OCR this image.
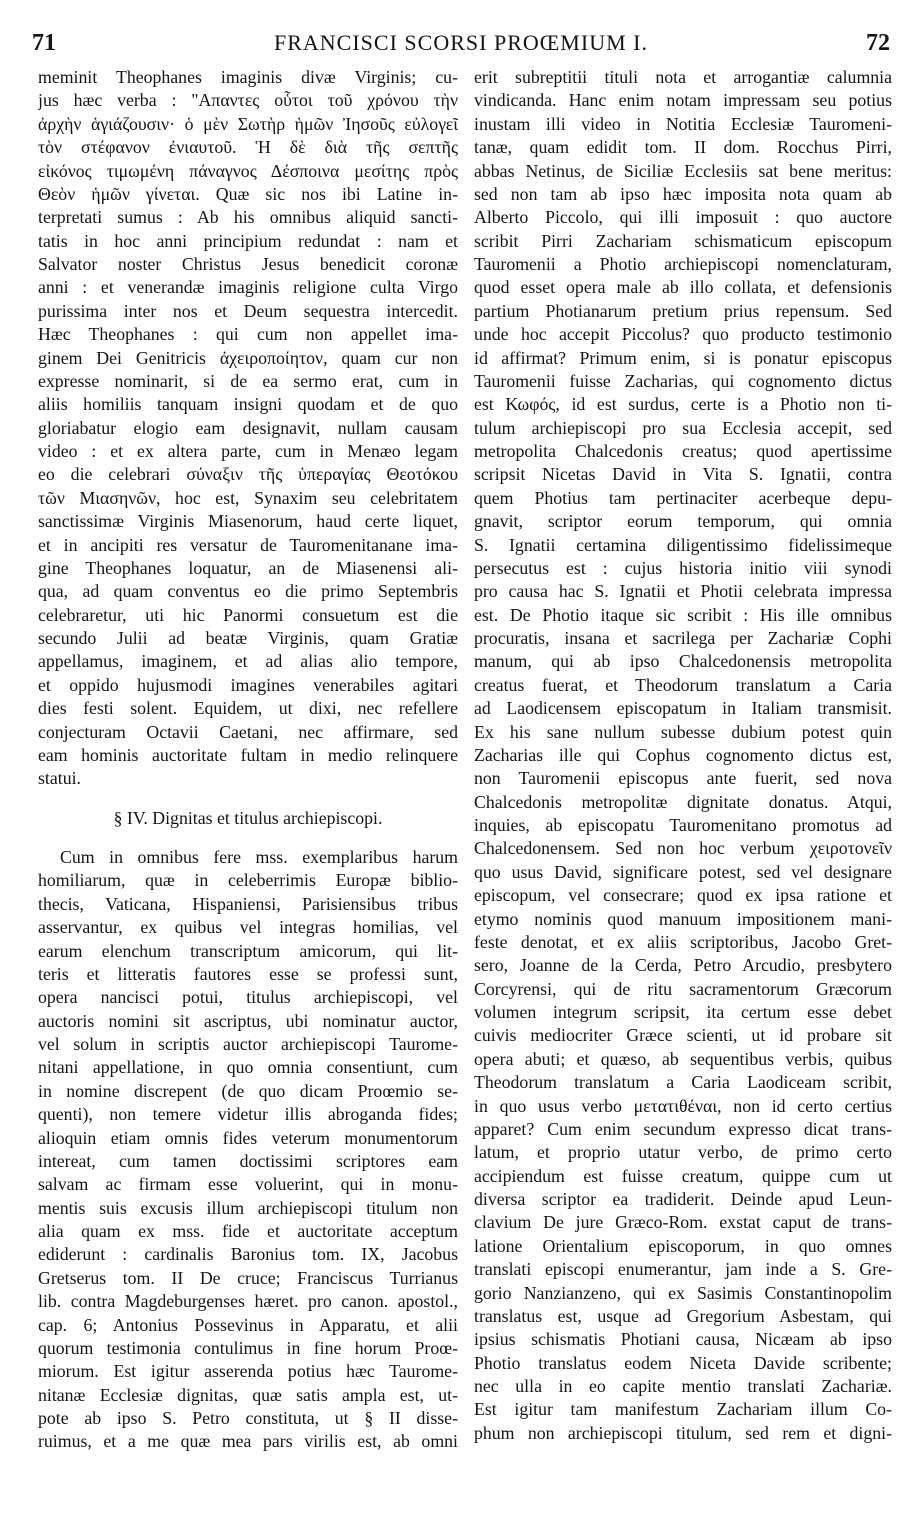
71	FRANCISCI SCORSI PROŒMIUM I.	72
meminit Theophanes imaginis divæ Virginis; cu-
jus hæc verba : "Απαντες οὗτοι τοῦ χρόνου τὴν
ἀρχὴν ἁγιάζουσιν· ὁ μὲν Σωτὴρ ἡμῶν Ἰησοῦς εὐλογεῖ
τὸν στέφανον ἐνιαυτοῦ. Ἡ δὲ διὰ τῆς σεπτῆς
εἰκόνος τιμωμένη πάναγνος Δέσποινα μεσίτης πρὸς
Θεὸν ἡμῶν γίνεται. Quæ sic nos ibi Latine in-
terpretati sumus : Ab his omnibus aliquid sancti-
tatis in hoc anni principium redundat : nam et
Salvator noster Christus Jesus benedicit coronæ
anni : et venerandæ imaginis religione culta Virgo
purissima inter nos et Deum sequestra intercedit.
Hæc Theophanes : qui cum non appellet ima-
ginem Dei Genitricis ἀχειροποίητον, quam cur non
expresse nominarit, si de ea sermo erat, cum in
aliis homiliis tanquam insigni quodam et de quo
gloriabatur elogio eam designavit, nullam causam
video : et ex altera parte, cum in Menæo legam
eo die celebrari σύναξιν τῆς ὑπεραγίας Θεοτόκου
τῶν Μιασηνῶν, hoc est, Synaxim seu celebritatem
sanctissimæ Virginis Miasenorum, haud certe liquet,
et in ancipiti res versatur de Tauromenitanane ima-
gine Theophanes loquatur, an de Miasenensi ali-
qua, ad quam conventus eo die primo Septembris
celebraretur, uti hic Panormi consuetum est die
secundo Julii ad beatæ Virginis, quam Gratiæ
appellamus, imaginem, et ad alias alio tempore,
et oppido hujusmodi imagines venerabiles agitari
dies festi solent. Equidem, ut dixi, nec refellere
conjecturam Octavii Caetani, nec affirmare, sed
eam hominis auctoritate fultam in medio relinquere
statui.
§ IV. Dignitas et titulus archiepiscopi.
Cum in omnibus fere mss. exemplaribus harum
homiliarum, quæ in celeberrimis Europæ biblio-
thecis, Vaticana, Hispaniensi, Parisiensibus tribus
asservantur, ex quibus vel integras homilias, vel
earum elenchum transcriptum amicorum, qui lit-
teris et litteratis fautores esse se professi sunt,
opera nancisci potui, titulus archiepiscopi, vel
auctoris nomini sit ascriptus, ubi nominatur auctor,
vel solum in scriptis auctor archiepiscopi Taurome-
nitani appellatione, in quo omnia consentiunt, cum
in nomine discrepent (de quo dicam Proœmio se-
quenti), non temere videtur illis abroganda fides;
alioquin etiam omnis fides veterum monumentorum
intereat, cum tamen doctissimi scriptores eam
salvam ac firmam esse voluerint, qui in monu-
mentis suis excusis illum archiepiscopi titulum non
alia quam ex mss. fide et auctoritate acceptum
ediderunt : cardinalis Baronius tom. IX, Jacobus
Gretserus tom. II De cruce; Franciscus Turrianus
lib. contra Magdeburgenses hæret. pro canon. apostol.,
cap. 6; Antonius Possevinus in Apparatu, et alii
quorum testimonia contulimus in fine horum Proœ-
miorum. Est igitur asserenda potius hæc Taurome-
nitanæ Ecclesiæ dignitas, quæ satis ampla est, ut-
pote ab ipso S. Petro constituta, ut § II disse-
ruimus, et a me quæ mea pars virilis est, ab omni
erit subreptitii tituli nota et arrogantiæ calumnia
vindicanda. Hanc enim notam impressam seu potius
inustam illi video in Notitia Ecclesiæ Tauromeni-
tanæ, quam edidit tom. II dom. Rocchus Pirri,
abbas Netinus, de Siciliæ Ecclesiis sat bene meritus:
sed non tam ab ipso hæc imposita nota quam ab
Alberto Piccolo, qui illi imposuit : quo auctore
scribit Pirri Zachariam schismaticum episcopum
Tauromenii a Photio archiepiscopi nomenclaturam,
quod esset opera male ab illo collata, et defensionis
partium Photianarum pretium prius repensum. Sed
unde hoc accepit Piccolus? quo producto testimonio
id affirmat? Primum enim, si is ponatur episcopus
Tauromenii fuisse Zacharias, qui cognomento dictus
est Κωφός, id est surdus, certe is a Photio non ti-
tulum archiepiscopi pro sua Ecclesia accepit, sed
metropolita Chalcedonis creatus; quod apertissime
scripsit Nicetas David in Vita S. Ignatii, contra
quem Photius tam pertinaciter acerbeque depu-
gnavit, scriptor eorum temporum, qui omnia
S. Ignatii certamina diligentissimo fidelissimeque
persecutus est : cujus historia initio viii synodi
pro causa hac S. Ignatii et Photii celebrata impressa
est. De Photio itaque sic scribit : His ille omnibus
procuratis, insana et sacrilega per Zachariæ Cophi
manum, qui ab ipso Chalcedonensis metropolita
creatus fuerat, et Theodorum translatum a Caria
ad Laodicensem episcopatum in Italiam transmisit.
Ex his sane nullum subesse dubium potest quin
Zacharias ille qui Cophus cognomento dictus est,
non Tauromenii episcopus ante fuerit, sed nova
Chalcedonis metropolitæ dignitate donatus. Atqui,
inquies, ab episcopatu Tauromenitano promotus ad
Chalcedonensem. Sed non hoc verbum χειροτονεῖν
quo usus David, significare potest, sed vel designare
episcopum, vel consecrare; quod ex ipsa ratione et
etymo nominis quod manuum impositionem mani-
feste denotat, et ex aliis scriptoribus, Jacobo Gret-
sero, Joanne de la Cerda, Petro Arcudio, presbytero
Corcyrensi, qui de ritu sacramentorum Græcorum
volumen integrum scripsit, ita certum esse debet
cuivis mediocriter Græce scienti, ut id probare sit
opera abuti; et quæso, ab sequentibus verbis, quibus
Theodorum translatum a Caria Laodiceam scribit,
in quo usus verbo μετατιθέναι, non id certo certius
apparet? Cum enim secundum expresso dicat trans-
latum, et proprio utatur verbo, de primo certo
accipiendum est fuisse creatum, quippe cum ut
diversa scriptor ea tradiderit. Deinde apud Leun-
clavium De jure Græco-Rom. exstat caput de trans-
latione Orientalium episcoporum, in quo omnes
translati episcopi enumerantur, jam inde a S. Gre-
gorio Nanzianzeno, qui ex Sasimis Constantinopolim
translatus est, usque ad Gregorium Asbestam, qui
ipsius schismatis Photiani causa, Nicæam ab ipso
Photio translatus eodem Niceta Davide scribente;
nec ulla in eo capite mentio translati Zachariæ.
Est igitur tam manifestum Zachariam illum Co-
phum non archiepiscopi titulum, sed rem et digni-
